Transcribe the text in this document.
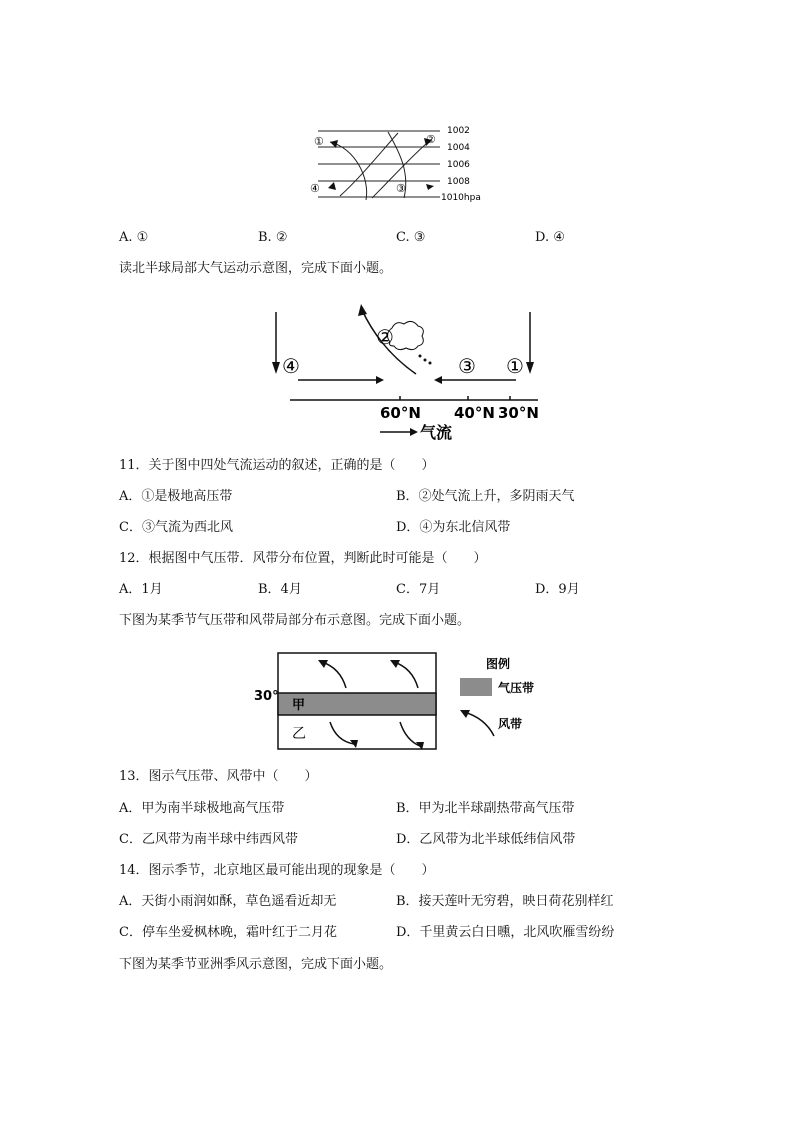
①	②
③
④
1002
1004
1006
1008
1010hpa
A. ①	B. ②	C. ③	D. ④
读北半球局部大气运动示意图，完成下面小题。
④
②
③ ①
60°N 40°N 30°N
气流
11．关于图中四处气流运动的叙述，正确的是（　　）
A．①是极地高压带	B．②处气流上升，多阴雨天气
C．③气流为西北风	D．④为东北信风带
12．根据图中气压带．风带分布位置，判断此时可能是（　　）
A．1月	B．4月	C．7月	D．9月
下图为某季节气压带和风带局部分布示意图。完成下面小题。
30°
甲
乙
图例
气压带
风带
13．图示气压带、风带中（　　）
A．甲为南半球极地高气压带	B．甲为北半球副热带高气压带
C．乙风带为南半球中纬西风带	D．乙风带为北半球低纬信风带
14．图示季节，北京地区最可能出现的现象是（　　）
A．天街小雨润如酥，草色遥看近却无	B．接天莲叶无穷碧，映日荷花别样红
C．停车坐爱枫林晚，霜叶红于二月花	D．千里黄云白日曛，北风吹雁雪纷纷
下图为某季节亚洲季风示意图，完成下面小题。
